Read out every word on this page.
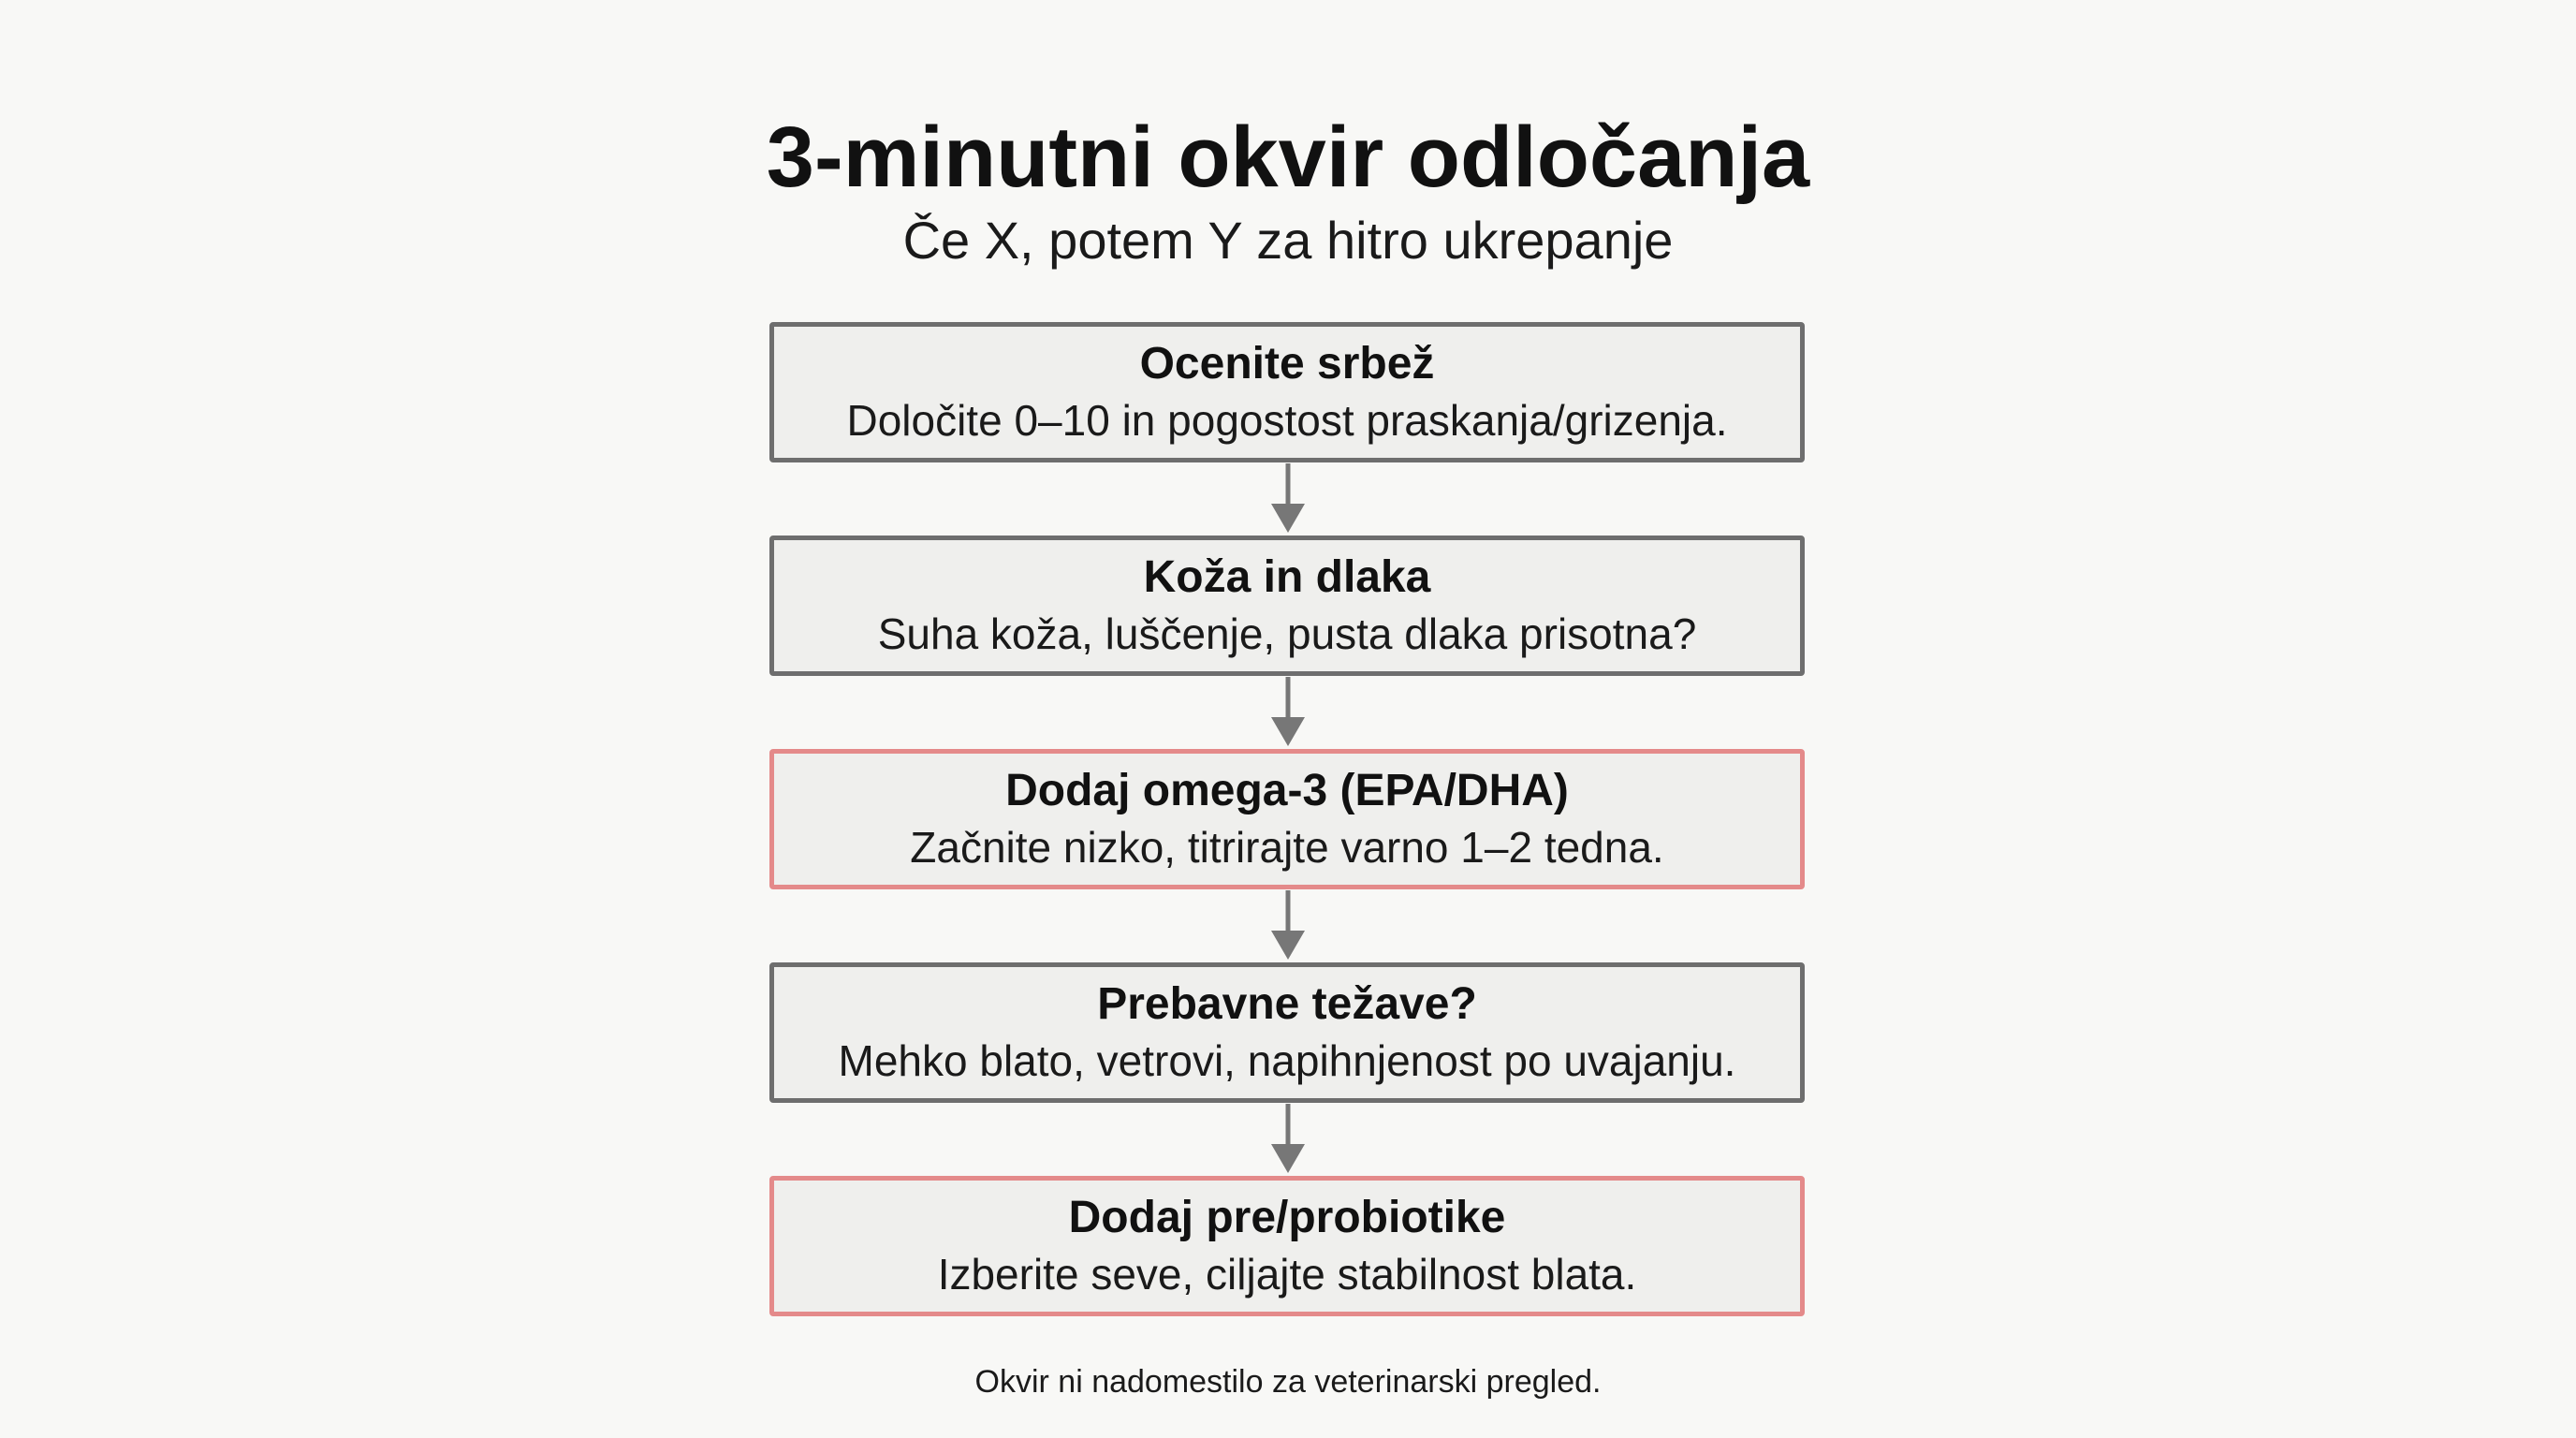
3-minutni okvir odločanja
Če X, potem Y za hitro ukrepanje
Ocenite srbež
Določite 0–10 in pogostost praskanja/grizenja.
Koža in dlaka
Suha koža, luščenje, pusta dlaka prisotna?
Dodaj omega-3 (EPA/DHA)
Začnite nizko, titrirajte varno 1–2 tedna.
Prebavne težave?
Mehko blato, vetrovi, napihnjenost po uvajanju.
Dodaj pre/probiotike
Izberite seve, ciljajte stabilnost blata.
Okvir ni nadomestilo za veterinarski pregled.
